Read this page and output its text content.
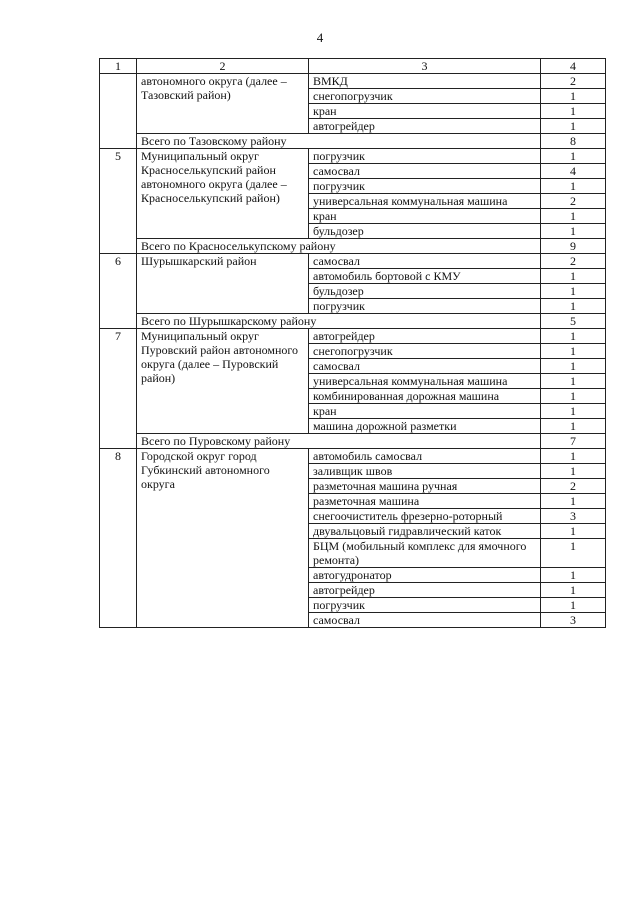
4
1	2	3	4
	автономного округа (далее – Тазовский район)	ВМКД	2
		снегопогрузчик	1
		кран	1
		автогрейдер	1
	Всего по Тазовскому району		8
5	Муниципальный округ Красноселькупский район автономного округа (далее – Красноселькупский район)	погрузчик	1
		самосвал	4
		погрузчик	1
		универсальная коммунальная машина	2
		кран	1
		бульдозер	1
	Всего по Красноселькупскому району		9
6	Шурышкарский район	самосвал	2
		автомобиль бортовой с КМУ	1
		бульдозер	1
		погрузчик	1
	Всего по Шурышкарскому району		5
7	Муниципальный округ Пуровский район автономного округа (далее – Пуровский район)	автогрейдер	1
		снегопогрузчик	1
		самосвал	1
		универсальная коммунальная машина	1
		комбинированная дорожная машина	1
		кран	1
		машина дорожной разметки	1
	Всего по Пуровскому району		7
8	Городской округ город Губкинский автономного округа	автомобиль самосвал	1
		заливщик швов	1
		разметочная машина ручная	2
		разметочная машина	1
		снегоочиститель фрезерно-роторный	3
		двувальцовый гидравлический каток	1
		БЦМ (мобильный комплекс для ямочного ремонта)	1
		автогудронатор	1
		автогрейдер	1
		погрузчик	1
		самосвал	3
